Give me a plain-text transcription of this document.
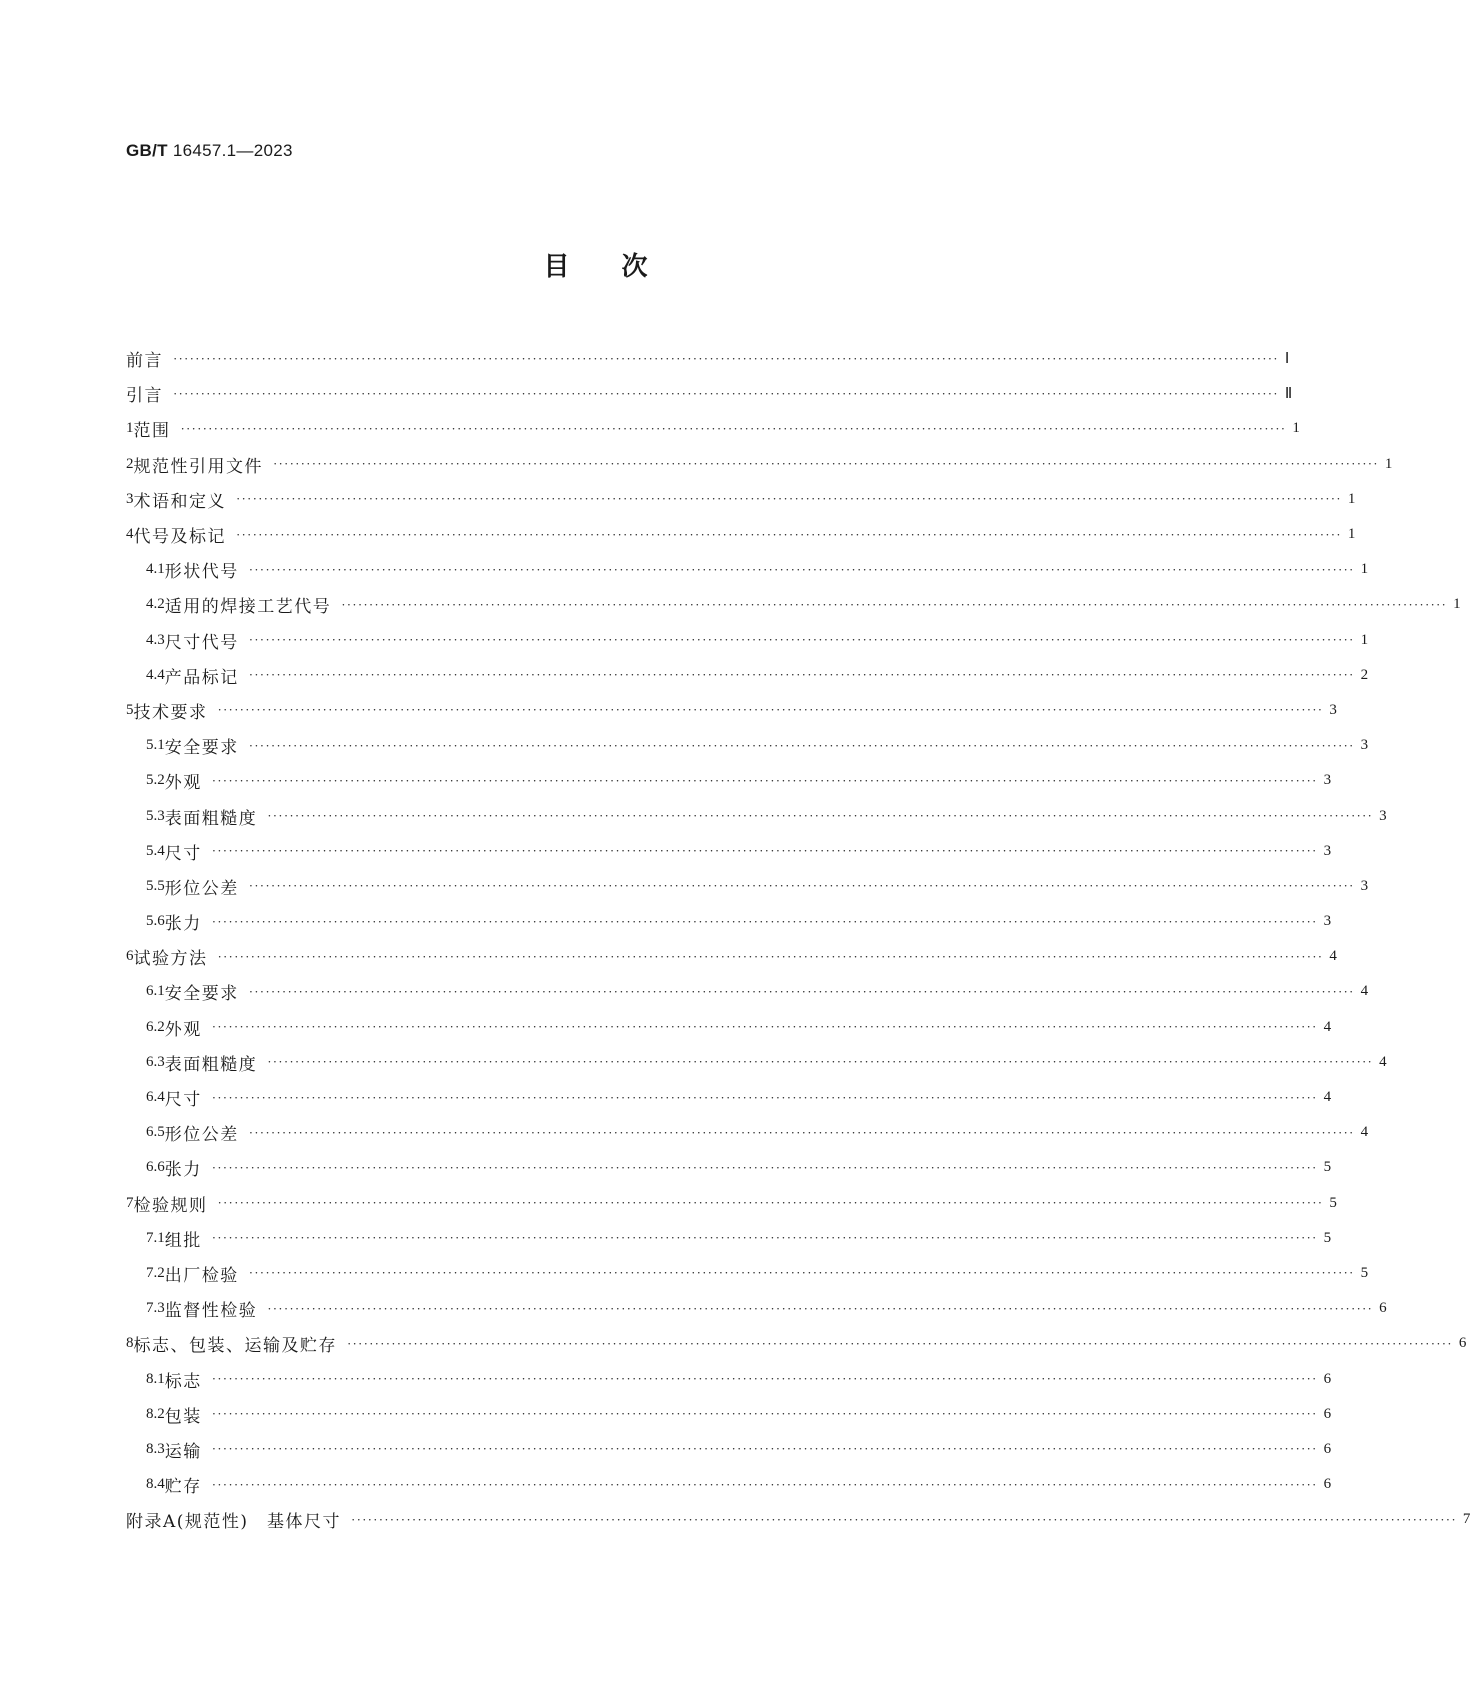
GB/T 16457.1—2023
目次
前言 ········································································································································································································ Ⅰ
引言 ········································································································································································································ Ⅱ
1 范围 ········································································································································································································ 1
2 规范性引用文件 ········································································································································································································ 1
3 术语和定义 ········································································································································································································ 1
4 代号及标记 ········································································································································································································ 1
4.1 形状代号 ········································································································································································································ 1
4.2 适用的焊接工艺代号 ········································································································································································································ 1
4.3 尺寸代号 ········································································································································································································ 1
4.4 产品标记 ········································································································································································································ 2
5 技术要求 ········································································································································································································ 3
5.1 安全要求 ········································································································································································································ 3
5.2 外观 ········································································································································································································ 3
5.3 表面粗糙度 ········································································································································································································ 3
5.4 尺寸 ········································································································································································································ 3
5.5 形位公差 ········································································································································································································ 3
5.6 张力 ········································································································································································································ 3
6 试验方法 ········································································································································································································ 4
6.1 安全要求 ········································································································································································································ 4
6.2 外观 ········································································································································································································ 4
6.3 表面粗糙度 ········································································································································································································ 4
6.4 尺寸 ········································································································································································································ 4
6.5 形位公差 ········································································································································································································ 4
6.6 张力 ········································································································································································································ 5
7 检验规则 ········································································································································································································ 5
7.1 组批 ········································································································································································································ 5
7.2 出厂检验 ········································································································································································································ 5
7.3 监督性检验 ········································································································································································································ 6
8 标志、包装、运输及贮存 ········································································································································································································ 6
8.1 标志 ········································································································································································································ 6
8.2 包装 ········································································································································································································ 6
8.3 运输 ········································································································································································································ 6
8.4 贮存 ········································································································································································································ 6
附录A(规范性)　基体尺寸 ········································································································································································································ 7
